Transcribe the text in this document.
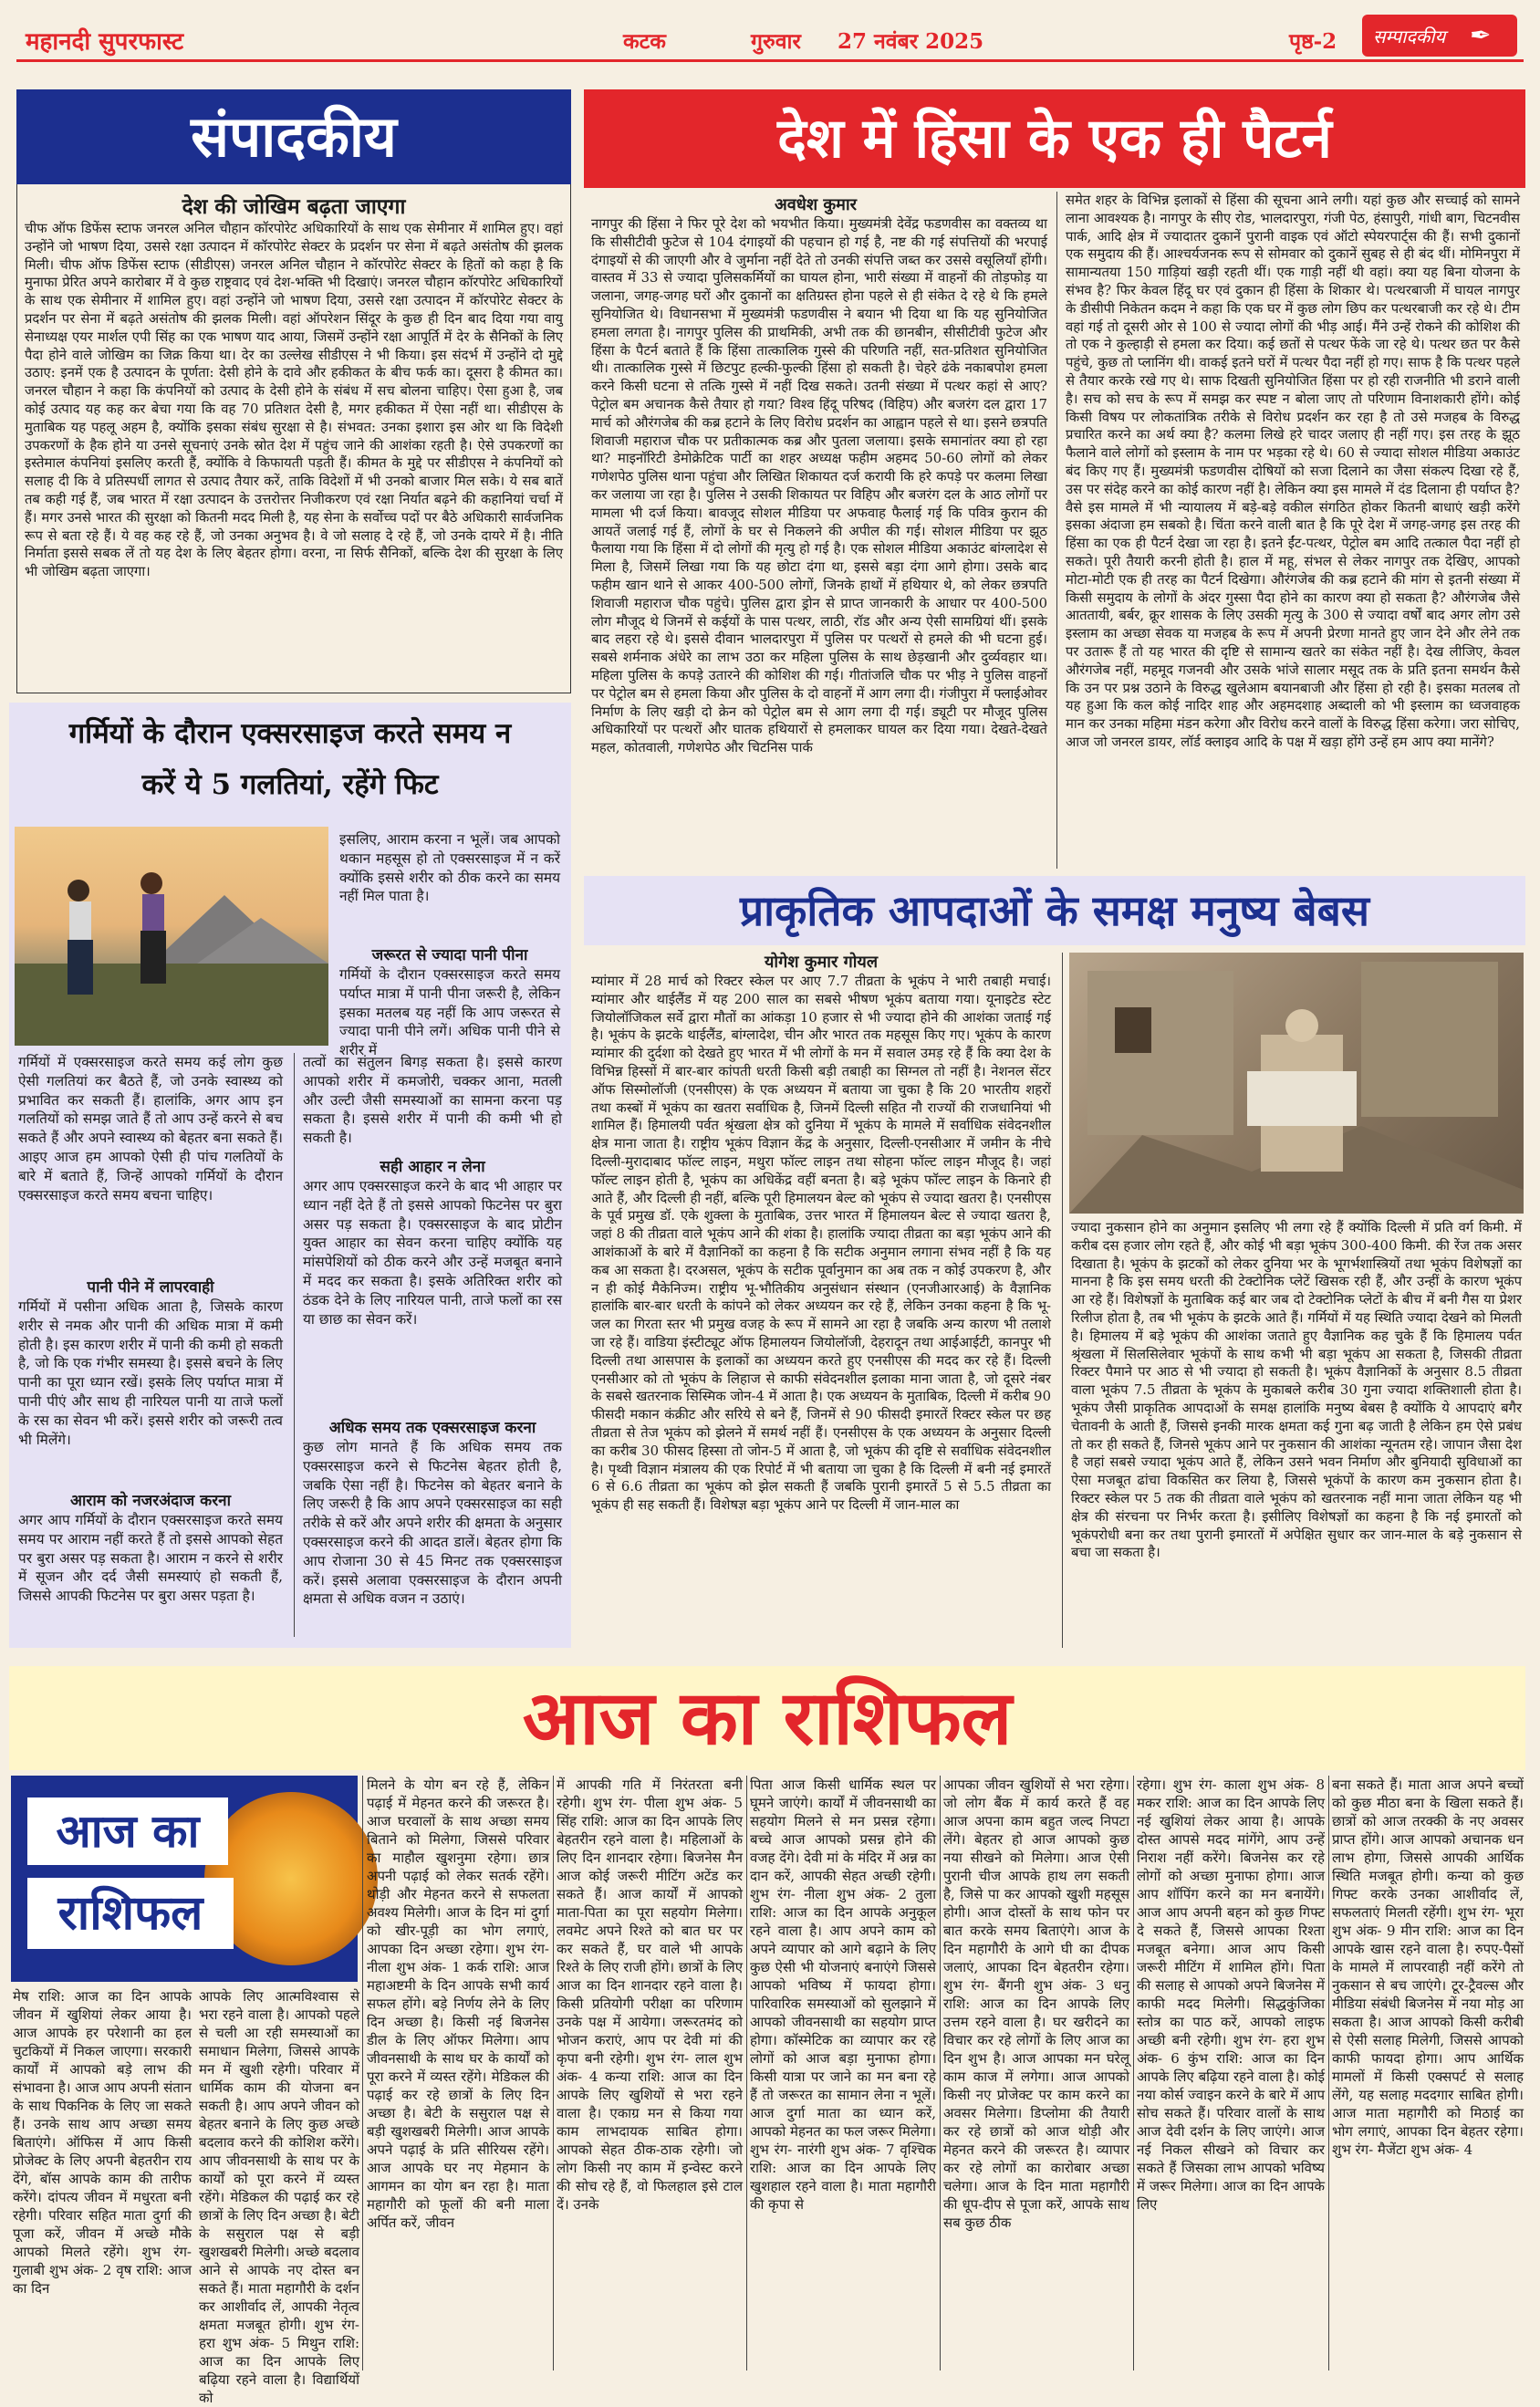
महानदी सुपरफास्ट	कटक	गुरुवार 27 नवंबर 2025	पृष्ठ-2 सम्पादकीय ✒
संपादकीय
देश की जोखिम बढ़ता जाएगा

चीफ ऑफ डिफेंस स्टाफ जनरल अनिल चौहान कॉरपोरेट अधिकारियों के साथ एक सेमीनार में शामिल हुए। वहां उन्होंने जो भाषण दिया, उससे रक्षा उत्पादन में कॉरपोरेट सेक्टर के प्रदर्शन पर सेना में बढ़ते असंतोष की झलक मिली। चीफ ऑफ डिफेंस स्टाफ (सीडीएस) जनरल अनिल चौहान ने कॉरपोरेट सेक्टर के हितों को कहा है कि मुनाफा प्रेरित अपने कारोबार में वे कुछ राष्ट्रवाद एवं देश-भक्ति भी दिखाएं। जनरल चौहान कॉरपोरेट अधिकारियों के साथ एक सेमीनार में शामिल हुए। वहां उन्होंने जो भाषण दिया, उससे रक्षा उत्पादन में कॉरपोरेट सेक्टर के प्रदर्शन पर सेना में बढ़ते असंतोष की झलक मिली। वहां ऑपरेशन सिंदूर के कुछ ही दिन बाद दिया गया वायु सेनाध्यक्ष एयर मार्शल एपी सिंह का एक भाषण याद आया, जिसमें उन्होंने रक्षा आपूर्ति में देर के सैनिकों के लिए पैदा होने वाले जोखिम का जिक्र किया था। देर का उल्लेख सीडीएस ने भी किया। इस संदर्भ में उन्होंने दो मुद्दे उठाए: इनमें एक है उत्पादन के पूर्णता: देसी होने के दावे और हकीकत के बीच फर्क का। दूसरा है कीमत का। जनरल चौहान ने कहा कि कंपनियों को उत्पाद के देसी होने के संबंध में सच बोलना चाहिए। ऐसा हुआ है, जब कोई उत्पाद यह कह कर बेचा गया कि वह 70 प्रतिशत देसी है, मगर हकीकत में ऐसा नहीं था। सीडीएस के मुताबिक यह पहलू अहम है, क्योंकि इसका संबंध सुरक्षा से है। संभवत: उनका इशारा इस ओर था कि विदेशी उपकरणों के हैक होने या उनसे सूचनाएं उनके स्रोत देश में पहुंच जाने की आशंका रहती है। ऐसे उपकरणों का इस्तेमाल कंपनियां इसलिए करती हैं, क्योंकि वे किफायती पड़ती हैं। कीमत के मुद्दे पर सीडीएस ने कंपनियों को सलाह दी कि वे प्रतिस्पर्धी लागत से उत्पाद तैयार करें, ताकि विदेशों में भी उनको बाजार मिल सके। ये सब बातें तब कही गई हैं, जब भारत में रक्षा उत्पादन के उत्तरोत्तर निजीकरण एवं रक्षा निर्यात बढ़ने की कहानियां चर्चा में हैं। मगर उनसे भारत की सुरक्षा को कितनी मदद मिली है, यह सेना के सर्वोच्च पदों पर बैठे अधिकारी सार्वजनिक रूप से बता रहे हैं। ये वह कह रहे हैं, जो उनका अनुभव है। वे जो सलाह दे रहे हैं, जो उनके दायरे में है। नीति निर्माता इससे सबक लें तो यह देश के लिए बेहतर होगा। वरना, ना सिर्फ सैनिकों, बल्कि देश की सुरक्षा के लिए भी जोखिम बढ़ता जाएगा।

गर्मियों के दौरान एक्सरसाइज करते समय न
करें ये 5 गलतियां, रहेंगे फिट

इसलिए, आराम करना न भूलें। जब आपको थकान महसूस हो तो एक्सरसाइज में न करें क्योंकि इससे शरीर को ठीक करने का समय नहीं मिल पाता है।

जरूरत से ज्यादा पानी पीना

गर्मियों के दौरान एक्सरसाइज करते समय पर्याप्त मात्रा में पानी पीना जरूरी है, लेकिन इसका मतलब यह नहीं कि आप जरूरत से ज्यादा पानी पीने लगें। अधिक पानी पीने से शरीर में

गर्मियों में एक्सरसाइज करते समय कई लोग कुछ ऐसी गलतियां कर बैठते हैं, जो उनके स्वास्थ्य को प्रभावित कर सकती हैं। हालांकि, अगर आप इन गलतियों को समझ जाते हैं तो आप उन्हें करने से बच सकते हैं और अपने स्वास्थ्य को बेहतर बना सकते हैं। आइए आज हम आपको ऐसी ही पांच गलतियों के बारे में बताते हैं, जिन्हें आपको गर्मियों के दौरान एक्सरसाइज करते समय बचना चाहिए।

पानी पीने में लापरवाही

गर्मियों में पसीना अधिक आता है, जिसके कारण शरीर से नमक और पानी की अधिक मात्रा में कमी होती है। इस कारण शरीर में पानी की कमी हो सकती है, जो कि एक गंभीर समस्या है। इससे बचने के लिए पानी का पूरा ध्यान रखें। इसके लिए पर्याप्त मात्रा में पानी पीएं और साथ ही नारियल पानी या ताजे फलों के रस का सेवन भी करें। इससे शरीर को जरूरी तत्व भी मिलेंगे।

आराम को नजरअंदाज करना

अगर आप गर्मियों के दौरान एक्सरसाइज करते समय समय पर आराम नहीं करते हैं तो इससे आपको सेहत पर बुरा असर पड़ सकता है। आराम न करने से शरीर में सूजन और दर्द जैसी समस्याएं हो सकती हैं, जिससे आपकी फिटनेस पर बुरा असर पड़ता है।

तत्वों का संतुलन बिगड़ सकता है। इससे कारण आपको शरीर में कमजोरी, चक्कर आना, मतली और उल्टी जैसी समस्याओं का सामना करना पड़ सकता है। इससे शरीर में पानी की कमी भी हो सकती है।

सही आहार न लेना

अगर आप एक्सरसाइज करने के बाद भी आहार पर ध्यान नहीं देते हैं तो इससे आपको फिटनेस पर बुरा असर पड़ सकता है। एक्सरसाइज के बाद प्रोटीन युक्त आहार का सेवन करना चाहिए क्योंकि यह मांसपेशियों को ठीक करने और उन्हें मजबूत बनाने में मदद कर सकता है। इसके अतिरिक्त शरीर को ठंडक देने के लिए नारियल पानी, ताजे फलों का रस या छाछ का सेवन करें।

अधिक समय तक एक्सरसाइज करना

कुछ लोग मानते हैं कि अधिक समय तक एक्सरसाइज करने से फिटनेस बेहतर होती है, जबकि ऐसा नहीं है। फिटनेस को बेहतर बनाने के लिए जरूरी है कि आप अपने एक्सरसाइज का सही तरीके से करें और अपने शरीर की क्षमता के अनुसार एक्सरसाइज करने की आदत डालें। बेहतर होगा कि आप रोजाना 30 से 45 मिनट तक एक्सरसाइज करें। इससे अलावा एक्सरसाइज के दौरान अपनी क्षमता से अधिक वजन न उठाएं।

देश में हिंसा के एक ही पैटर्न
अवधेश कुमार

नागपुर की हिंसा ने फिर पूरे देश को भयभीत किया। मुख्यमंत्री देवेंद्र फडणवीस का वक्तव्य था कि सीसीटीवी फुटेज से 104 दंगाइयों की पहचान हो गई है, नष्ट की गई संपत्तियों की भरपाई दंगाइयों से की जाएगी और वे जुर्माना नहीं देते तो उनकी संपत्ति जब्त कर उससे वसूलियाँ होंगी। वास्तव में 33 से ज्यादा पुलिसकर्मियों का घायल होना, भारी संख्या में वाहनों की तोड़फोड़ या जलाना, जगह-जगह घरों और दुकानों का क्षतिग्रस्त होना पहले से ही संकेत दे रहे थे कि हमले सुनियोजित थे। विधानसभा में मुख्यमंत्री फडणवीस ने बयान भी दिया था कि यह सुनियोजित हमला लगता है। नागपुर पुलिस की प्राथमिकी, अभी तक की छानबीन, सीसीटीवी फुटेज और हिंसा के पैटर्न बताते हैं कि हिंसा तात्कालिक गुस्से की परिणति नहीं, सत-प्रतिशत सुनियोजित थी। तात्कालिक गुस्से में छिटपुट हल्की-फुल्की हिंसा हो सकती है। चेहरे ढंके नकाबपोश हमला करने किसी घटना से तत्कि गुस्से में नहीं दिख सकते। उतनी संख्या में पत्थर कहां से आए? पेट्रोल बम अचानक कैसे तैयार हो गया? विश्व हिंदू परिषद (विहिप) और बजरंग दल द्वारा 17 मार्च को औरंगजेब की कब्र हटाने के लिए विरोध प्रदर्शन का आह्वान पहले से था। इसने छत्रपति शिवाजी महाराज चौक पर प्रतीकात्मक कब्र और पुतला जलाया। इसके समानांतर क्या हो रहा था? माइनॉरिटी डेमोक्रेटिक पार्टी का शहर अध्यक्ष फहीम अहमद 50-60 लोगों को लेकर गणेशपेठ पुलिस थाना पहुंचा और लिखित शिकायत दर्ज करायी कि हरे कपड़े पर कलमा लिखा कर जलाया जा रहा है। पुलिस ने उसकी शिकायत पर विहिप और बजरंग दल के आठ लोगों पर मामला भी दर्ज किया। बावजूद सोशल मीडिया पर अफवाह फैलाई गई कि पवित्र कुरान की आयतें जलाई गई हैं, लोगों के घर से निकलने की अपील की गई। सोशल मीडिया पर झूठ फैलाया गया कि हिंसा में दो लोगों की मृत्यु हो गई है। एक सोशल मीडिया अकाउंट बांग्लादेश से मिला है, जिसमें लिखा गया कि यह छोटा दंगा था, इससे बड़ा दंगा आगे होगा। उसके बाद फहीम खान थाने से आकर 400-500 लोगों, जिनके हाथों में हथियार थे, को लेकर छत्रपति शिवाजी महाराज चौक पहुंचे। पुलिस द्वारा ड्रोन से प्राप्त जानकारी के आधार पर 400-500 लोग मौजूद थे जिनमें से कईयों के पास पत्थर, लाठी, रॉड और अन्य ऐसी सामग्रियां थीं। इसके बाद लहरा रहे थे। इससे दीवान भालदारपुरा में पुलिस पर पत्थरों से हमले की भी घटना हुई। सबसे शर्मनाक अंधेरे का लाभ उठा कर महिला पुलिस के साथ छेड़खानी और दुर्व्यवहार था। महिला पुलिस के कपड़े उतारने की कोशिश की गई। गीतांजलि चौक पर भीड़ ने पुलिस वाहनों पर पेट्रोल बम से हमला किया और पुलिस के दो वाहनों में आग लगा दी। गंजीपुरा में फ्लाईओवर निर्माण के लिए खड़ी दो क्रेन को पेट्रोल बम से आग लगा दी गई। ड्यूटी पर मौजूद पुलिस अधिकारियों पर पत्थरों और घातक हथियारों से हमलाकर घायल कर दिया गया। देखते-देखते महल, कोतवाली, गणेशपेठ और चिटनिस पार्क

समेत शहर के विभिन्न इलाकों से हिंसा की सूचना आने लगी। यहां कुछ और सच्चाई को सामने लाना आवश्यक है। नागपुर के सीए रोड, भालदारपुरा, गंजी पेठ, हंसापुरी, गांधी बाग, चिटनवीस पार्क, आदि क्षेत्र में ज्यादातर दुकानें पुरानी वाइक एवं ऑटो स्पेयरपार्ट्स की हैं। सभी दुकानों एक समुदाय की हैं। आश्चर्यजनक रूप से सोमवार को दुकानें सुबह से ही बंद थीं। मोमिनपुरा में सामान्यतया 150 गाड़ियां खड़ी रहती थीं। एक गाड़ी नहीं थी वहां। क्या यह बिना योजना के संभव है? फिर केवल हिंदू घर एवं दुकान ही हिंसा के शिकार थे। पत्थरबाजी में घायल नागपुर के डीसीपी निकेतन कदम ने कहा कि एक घर में कुछ लोग छिप कर पत्थरबाजी कर रहे थे। टीम वहां गई तो दूसरी ओर से 100 से ज्यादा लोगों की भीड़ आई। मैंने उन्हें रोकने की कोशिश की तो एक ने कुल्हाड़ी से हमला कर दिया। कई छतों से पत्थर फेंके जा रहे थे। पत्थर छत पर कैसे पहुंचे, कुछ तो प्लानिंग थी। वाकई इतने घरों में पत्थर पैदा नहीं हो गए। साफ है कि पत्थर पहले से तैयार करके रखे गए थे। साफ दिखती सुनियोजित हिंसा पर हो रही राजनीति भी डराने वाली है। सच को सच के रूप में समझ कर स्पष्ट न बोला जाए तो परिणाम विनाशकारी होंगे। कोई किसी विषय पर लोकतांत्रिक तरीके से विरोध प्रदर्शन कर रहा है तो उसे मजहब के विरुद्ध प्रचारित करने का अर्थ क्या है? कलमा लिखे हरे चादर जलाए ही नहीं गए। इस तरह के झूठ फैलाने वाले लोगों को इस्लाम के नाम पर भड़का रहे थे। 60 से ज्यादा सोशल मीडिया अकाउंट बंद किए गए हैं। मुख्यमंत्री फडणवीस दोषियों को सजा दिलाने का जैसा संकल्प दिखा रहे हैं, उस पर संदेह करने का कोई कारण नहीं है। लेकिन क्या इस मामले में दंड दिलाना ही पर्याप्त है? वैसे इस मामले में भी न्यायालय में बड़े-बड़े वकील संगठित होकर कितनी बाधाएं खड़ी करेंगे इसका अंदाजा हम सबको है। चिंता करने वाली बात है कि पूरे देश में जगह-जगह इस तरह की हिंसा का एक ही पैटर्न देखा जा रहा है। इतने ईंट-पत्थर, पेट्रोल बम आदि तत्काल पैदा नहीं हो सकते। पूरी तैयारी करनी होती है। हाल में महू, संभल से लेकर नागपुर तक देखिए, आपको मोटा-मोटी एक ही तरह का पैटर्न दिखेगा। औरंगजेब की कब्र हटाने की मांग से इतनी संख्या में किसी समुदाय के लोगों के अंदर गुस्सा पैदा होने का कारण क्या हो सकता है? औरंगजेब जैसे आततायी, बर्बर, क्रूर शासक के लिए उसकी मृत्यु के 300 से ज्यादा वर्षों बाद अगर लोग उसे इस्लाम का अच्छा सेवक या मजहब के रूप में अपनी प्रेरणा मानते हुए जान देने और लेने तक पर उतारू हैं तो यह भारत की दृष्टि से सामान्य खतरे का संकेत नहीं है। देख लीजिए, केवल औरंगजेब नहीं, महमूद गजनवी और उसके भांजे सालार मसूद तक के प्रति इतना समर्थन कैसे कि उन पर प्रश्न उठाने के विरुद्ध खुलेआम बयानबाजी और हिंसा हो रही है। इसका मतलब तो यह हुआ कि कल कोई नादिर शाह और अहमदशाह अब्दाली को भी इस्लाम का ध्वजवाहक मान कर उनका महिमा मंडन करेगा और विरोध करने वालों के विरुद्ध हिंसा करेगा। जरा सोचिए, आज जो जनरल डायर, लॉर्ड क्लाइव आदि के पक्ष में खड़ा होंगे उन्हें हम आप क्या मानेंगे?

प्राकृतिक आपदाओं के समक्ष मनुष्य बेबस
योगेश कुमार गोयल

म्यांमार में 28 मार्च को रिक्टर स्केल पर आए 7.7 तीव्रता के भूकंप ने भारी तबाही मचाई। म्यांमार और थाईलैंड में यह 200 साल का सबसे भीषण भूकंप बताया गया। यूनाइटेड स्टेट जियोलॉजिकल सर्वे द्वारा मौतों का आंकड़ा 10 हजार से भी ज्यादा होने की आशंका जताई गई है। भूकंप के झटके थाईलैंड, बांग्लादेश, चीन और भारत तक महसूस किए गए। भूकंप के कारण म्यांमार की दुर्दशा को देखते हुए भारत में भी लोगों के मन में सवाल उमड़ रहे हैं कि क्या देश के विभिन्न हिस्सों में बार-बार कांपती धरती किसी बड़ी तबाही का सिग्नल तो नहीं है। नेशनल सेंटर ऑफ सिस्मोलॉजी (एनसीएस) के एक अध्ययन में बताया जा चुका है कि 20 भारतीय शहरों तथा कस्बों में भूकंप का खतरा सर्वाधिक है, जिनमें दिल्ली सहित नौ राज्यों की राजधानियां भी शामिल हैं। हिमालयी पर्वत श्रृंखला क्षेत्र को दुनिया में भूकंप के मामले में सर्वाधिक संवेदनशील क्षेत्र माना जाता है। राष्ट्रीय भूकंप विज्ञान केंद्र के अनुसार, दिल्ली-एनसीआर में जमीन के नीचे दिल्ली-मुरादाबाद फॉल्ट लाइन, मथुरा फॉल्ट लाइन तथा सोहना फॉल्ट लाइन मौजूद है। जहां फॉल्ट लाइन होती है, भूकंप का अधिकेंद्र वहीं बनता है। बड़े भूकंप फॉल्ट लाइन के किनारे ही आते हैं, और दिल्ली ही नहीं, बल्कि पूरी हिमालयन बेल्ट को भूकंप से ज्यादा खतरा है। एनसीएस के पूर्व प्रमुख डॉ. एके शुक्ला के मुताबिक, उत्तर भारत में हिमालयन बेल्ट से ज्यादा खतरा है, जहां 8 की तीव्रता वाले भूकंप आने की शंका है। हालांकि ज्यादा तीव्रता का बड़ा भूकंप आने की आशंकाओं के बारे में वैज्ञानिकों का कहना है कि सटीक अनुमान लगाना संभव नहीं है कि यह कब आ सकता है। दरअसल, भूकंप के सटीक पूर्वानुमान का अब तक न कोई उपकरण है, और न ही कोई मैकेनिज्म। राष्ट्रीय भू-भौतिकीय अनुसंधान संस्थान (एनजीआरआई) के वैज्ञानिक हालांकि बार-बार धरती के कांपने को लेकर अध्ययन कर रहे हैं, लेकिन उनका कहना है कि भू-जल का गिरता स्तर भी प्रमुख वजह के रूप में सामने आ रहा है जबकि अन्य कारण भी तलाशे जा रहे हैं। वाडिया इंस्टीट्यूट ऑफ हिमालयन जियोलॉजी, देहरादून तथा आईआईटी, कानपुर भी दिल्ली तथा आसपास के इलाकों का अध्ययन करते हुए एनसीएस की मदद कर रहे हैं। दिल्ली एनसीआर को तो भूकंप के लिहाज से काफी संवेदनशील इलाका माना जाता है, जो दूसरे नंबर के सबसे खतरनाक सिस्मिक जोन-4 में आता है। एक अध्ययन के मुताबिक, दिल्ली में करीब 90 फीसदी मकान कंक्रीट और सरिये से बने हैं, जिनमें से 90 फीसदी इमारतें रिक्टर स्केल पर छह तीव्रता से तेज भूकंप को झेलने में समर्थ नहीं हैं। एनसीएस के एक अध्ययन के अनुसार दिल्ली का करीब 30 फीसद हिस्सा तो जोन-5 में आता है, जो भूकंप की दृष्टि से सर्वाधिक संवेदनशील है। पृथ्वी विज्ञान मंत्रालय की एक रिपोर्ट में भी बताया जा चुका है कि दिल्ली में बनी नई इमारतें 6 से 6.6 तीव्रता का भूकंप को झेल सकती हैं जबकि पुरानी इमारतें 5 से 5.5 तीव्रता का भूकंप ही सह सकती हैं। विशेषज्ञ बड़ा भूकंप आने पर दिल्ली में जान-माल का

ज्यादा नुकसान होने का अनुमान इसलिए भी लगा रहे हैं क्योंकि दिल्ली में प्रति वर्ग किमी. में करीब दस हजार लोग रहते हैं, और कोई भी बड़ा भूकंप 300-400 किमी. की रेंज तक असर दिखाता है। भूकंप के झटकों को लेकर दुनिया भर के भूगर्भशास्त्रियों तथा भूकंप विशेषज्ञों का मानना है कि इस समय धरती की टेक्टोनिक प्लेटें खिसक रही हैं, और उन्हीं के कारण भूकंप आ रहे हैं। विशेषज्ञों के मुताबिक कई बार जब दो टेक्टोनिक प्लेटों के बीच में बनी गैस या प्रेशर रिलीज होता है, तब भी भूकंप के झटके आते हैं। गर्मियों में यह स्थिति ज्यादा देखने को मिलती है। हिमालय में बड़े भूकंप की आशंका जताते हुए वैज्ञानिक कह चुके हैं कि हिमालय पर्वत श्रृंखला में सिलसिलेवार भूकंपों के साथ कभी भी बड़ा भूकंप आ सकता है, जिसकी तीव्रता रिक्टर पैमाने पर आठ से भी ज्यादा हो सकती है। भूकंप वैज्ञानिकों के अनुसार 8.5 तीव्रता वाला भूकंप 7.5 तीव्रता के भूकंप के मुकाबले करीब 30 गुना ज्यादा शक्तिशाली होता है। भूकंप जैसी प्राकृतिक आपदाओं के समक्ष हालांकि मनुष्य बेबस है क्योंकि ये आपदाएं बगैर चेतावनी के आती हैं, जिससे इनकी मारक क्षमता कई गुना बढ़ जाती है लेकिन हम ऐसे प्रबंध तो कर ही सकते हैं, जिनसे भूकंप आने पर नुकसान की आशंका न्यूनतम रहे। जापान जैसा देश है जहां सबसे ज्यादा भूकंप आते हैं, लेकिन उसने भवन निर्माण और बुनियादी सुविधाओं का ऐसा मजबूत ढांचा विकसित कर लिया है, जिससे भूकंपों के कारण कम नुकसान होता है। रिक्टर स्केल पर 5 तक की तीव्रता वाले भूकंप को खतरनाक नहीं माना जाता लेकिन यह भी क्षेत्र की संरचना पर निर्भर करता है। इसीलिए विशेषज्ञों का कहना है कि नई इमारतों को भूकंपरोधी बना कर तथा पुरानी इमारतों में अपेक्षित सुधार कर जान-माल के बड़े नुकसान से बचा जा सकता है।

आज का राशिफल
आज का
राशिफल

मेष राशि: आज का दिन आपके जीवन में खुशियां लेकर आया है। आज आपके हर परेशानी का हल चुटकियों में निकल जाएगा। सरकारी कार्यों में आपको बड़े लाभ की संभावना है। आज आप अपनी संतान के साथ पिकनिक के लिए जा सकते हैं। उनके साथ आप अच्छा समय बिताएंगे। ऑफिस में आप किसी प्रोजेक्ट के लिए अपनी बेहतरीन राय देंगे, बॉस आपके काम की तारीफ करेंगे। दांपत्य जीवन में मधुरता बनी रहेगी। परिवार सहित माता दुर्गा की पूजा करें, जीवन में अच्छे मौके आपको मिलते रहेंगे। शुभ रंग- गुलाबी शुभ अंक- 2 वृष राशि: आज का दिन

आपके लिए आत्मविश्वास से भरा रहने वाला है। आपको पहले से चली आ रही समस्याओं का समाधान मिलेगा, जिससे आपके मन में खुशी रहेगी। परिवार में धार्मिक काम की योजना बन सकती है। आप अपने जीवन को बेहतर बनाने के लिए कुछ अच्छे बदलाव करने की कोशिश करेंगे। आप जीवनसाथी के साथ पर के कार्यों को पूरा करने में व्यस्त रहेंगे। मेडिकल की पढ़ाई कर रहे छात्रों के लिए दिन अच्छा है। बेटी के ससुराल पक्ष से बड़ी खुशखबरी मिलेगी। अच्छे बदलाव आने से आपके नए दोस्त बन सकते हैं। माता महागौरी के दर्शन कर आशीर्वाद लें, आपकी नेतृत्व क्षमता मजबूत होगी। शुभ रंग- हरा शुभ अंक- 5 मिथुन राशि: आज का दिन आपके लिए बढ़िया रहने वाला है। विद्यार्थियों को

मिलने के योग बन रहे हैं, लेकिन पढ़ाई में मेहनत करने की जरूरत है। आज घरवालों के साथ अच्छा समय बिताने को मिलेगा, जिससे परिवार का माहौल खुशनुमा रहेगा। छात्र अपनी पढ़ाई को लेकर सतर्क रहेंगे। थोड़ी और मेहनत करने से सफलता अवश्य मिलेगी। आज के दिन मां दुर्गा को खीर-पूड़ी का भोग लगाएं, आपका दिन अच्छा रहेगा। शुभ रंग- नीला शुभ अंक- 1 कर्क राशि: आज महाअष्टमी के दिन आपके सभी कार्य सफल होंगे। बड़े निर्णय लेने के लिए दिन अच्छा है। किसी नई बिजनेस डील के लिए ऑफर मिलेगा। आप जीवनसाथी के साथ घर के कार्यों को पूरा करने में व्यस्त रहेंगे। मेडिकल की पढ़ाई कर रहे छात्रों के लिए दिन अच्छा है। बेटी के ससुराल पक्ष से बड़ी खुशखबरी मिलेगी। आज आपके अपने पढ़ाई के प्रति सीरियस रहेंगे। आज आपके घर नए मेहमान के आगमन का योग बन रहा है। माता महागौरी को फूलों की बनी माला अर्पित करें, जीवन

में आपकी गति में निरंतरता बनी रहेगी। शुभ रंग- पीला शुभ अंक- 5 सिंह राशि: आज का दिन आपके लिए बेहतरीन रहने वाला है। महिलाओं के लिए दिन शानदार रहेगा। बिजनेस मैन आज कोई जरूरी मीटिंग अटेंड कर सकते हैं। आज कार्यों में आपको माता-पिता का पूरा सहयोग मिलेगा। लवमेट अपने रिश्ते को बात घर पर कर सकते हैं, घर वाले भी आपके रिश्ते के लिए राजी होंगे। छात्रों के लिए आज का दिन शानदार रहने वाला है। किसी प्रतियोगी परीक्षा का परिणाम उनके पक्ष में आयेगा। जरूरतमंद को भोजन कराएं, आप पर देवी मां की कृपा बनी रहेगी। शुभ रंग- लाल शुभ अंक- 4 कन्या राशि: आज का दिन आपके लिए खुशियों से भरा रहने वाला है। एकाग्र मन से किया गया काम लाभदायक साबित होगा। आपको सेहत ठीक-ठाक रहेगी। जो लोग किसी नए काम में इन्वेस्ट करने की सोच रहे हैं, वो फिलहाल इसे टाल दें। उनके

पिता आज किसी धार्मिक स्थल पर घूमने जाएंगे। कार्यों में जीवनसाथी का सहयोग मिलने से मन प्रसन्न रहेगा। बच्चे आज आपको प्रसन्न होने की वजह देंगे। देवी मां के मंदिर में अन्न का दान करें, आपकी सेहत अच्छी रहेगी। शुभ रंग- नीला शुभ अंक- 2 तुला राशि: आज का दिन आपके अनुकूल रहने वाला है। आप अपने काम को अपने व्यापार को आगे बढ़ाने के लिए कुछ ऐसी भी योजनाएं बनाएंगे जिससे आपको भविष्य में फायदा होगा। पारिवारिक समस्याओं को सुलझाने में आपको जीवनसाथी का सहयोग प्राप्त होगा। कॉस्मेटिक का व्यापार कर रहे लोगों को आज बड़ा मुनाफा होगा। किसी यात्रा पर जाने का मन बना रहे हैं तो जरूरत का सामान लेना न भूलें। आज दुर्गा माता का ध्यान करें, आपको मेहनत का फल जरूर मिलेगा। शुभ रंग- नारंगी शुभ अंक- 7 वृश्चिक राशि: आज का दिन आपके लिए खुशहाल रहने वाला है। माता महागौरी की कृपा से

आपका जीवन खुशियों से भरा रहेगा। जो लोग बैंक में कार्य करते हैं वह आज अपना काम बहुत जल्द निपटा लेंगे। बेहतर हो आज आपको कुछ नया सीखने को मिलेगा। आज ऐसी पुरानी चीज आपके हाथ लग सकती है, जिसे पा कर आपको खुशी महसूस होगी। आज दोस्तों के साथ फोन पर बात करके समय बिताएंगे। आज के दिन महागौरी के आगे घी का दीपक जलाएं, आपका दिन बेहतरीन रहेगा। शुभ रंग- बैंगनी शुभ अंक- 3 धनु राशि: आज का दिन आपके लिए उत्तम रहने वाला है। घर खरीदने का विचार कर रहे लोगों के लिए आज का दिन शुभ है। आज आपका मन घरेलू काम काज में लगेगा। आज आपको किसी नए प्रोजेक्ट पर काम करने का अवसर मिलेगा। डिप्लोमा की तैयारी कर रहे छात्रों को आज थोड़ी और मेहनत करने की जरूरत है। व्यापार कर रहे लोगों का कारोबार अच्छा चलेगा। आज के दिन माता महागौरी की धूप-दीप से पूजा करें, आपके साथ सब कुछ ठीक

रहेगा। शुभ रंग- काला शुभ अंक- 8 मकर राशि: आज का दिन आपके लिए नई खुशियां लेकर आया है। आपके दोस्त आपसे मदद मांगेंगे, आप उन्हें निराश नहीं करेंगे। बिजनेस कर रहे लोगों को अच्छा मुनाफा होगा। आज आप शॉपिंग करने का मन बनायेंगे। आज आप अपनी बहन को कुछ गिफ्ट दे सकते हैं, जिससे आपका रिश्ता मजबूत बनेगा। आज आप किसी जरूरी मीटिंग में शामिल होंगे। पिता की सलाह से आपको अपने बिजनेस में काफी मदद मिलेगी। सिद्धकुंजिका स्तोत्र का पाठ करें, आपको लाइफ अच्छी बनी रहेगी। शुभ रंग- हरा शुभ अंक- 6 कुंभ राशि: आज का दिन आपके लिए बढ़िया रहने वाला है। कोई नया कोर्स ज्वाइन करने के बारे में आप सोच सकते हैं। परिवार वालों के साथ आज देवी दर्शन के लिए जाएंगे। आज नई निकल सीखने को विचार कर सकते हैं जिसका लाभ आपको भविष्य में जरूर मिलेगा। आज का दिन आपके लिए

बना सकते हैं। माता आज अपने बच्चों को कुछ मीठा बना के खिला सकते हैं। छात्रों को आज तरक्की के नए अवसर प्राप्त होंगे। आज आपको अचानक धन लाभ होगा, जिससे आपकी आर्थिक स्थिति मजबूत होगी। कन्या को कुछ गिफ्ट करके उनका आशीर्वाद लें, सफलताएं मिलती रहेंगी। शुभ रंग- भूरा शुभ अंक- 9 मीन राशि: आज का दिन आपके खास रहने वाला है। रुपए-पैसों के मामले में लापरवाही नहीं करेंगे तो नुकसान से बच जाएंगे। टूर-ट्रैवल्स और मीडिया संबंधी बिजनेस में नया मोड़ आ सकता है। आज आपको किसी करीबी से ऐसी सलाह मिलेगी, जिससे आपको काफी फायदा होगा। आप आर्थिक मामलों में किसी एक्सपर्ट से सलाह लेंगे, यह सलाह मददगार साबित होगी। आज माता महागौरी को मिठाई का भोग लगाएं, आपका दिन बेहतर रहेगा। शुभ रंग- मैजेंटा शुभ अंक- 4
